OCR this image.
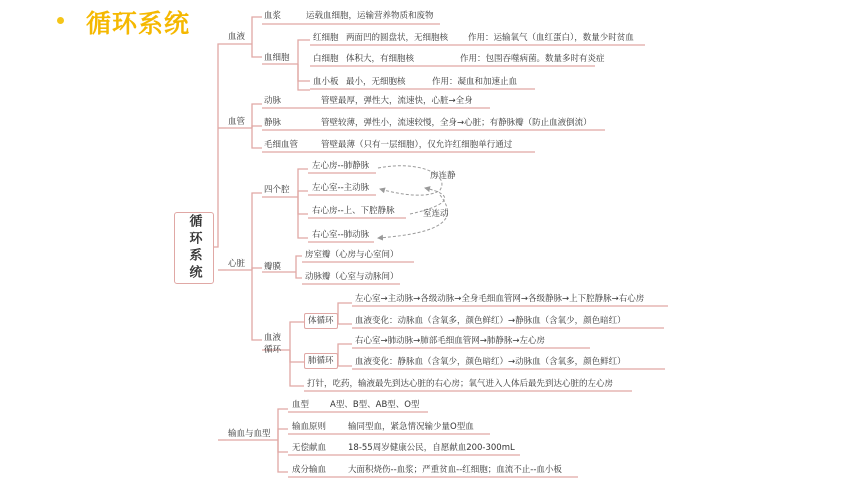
循环系统
循环系统
血液
血管
心脏
输血与血型
血浆	运载血细胞，运输营养物质和废物
血细胞
红细胞 两面凹的圆盘状，无细胞核 作用：运输氧气（血红蛋白），数量少时贫血
白细胞 体积大，有细胞核	作用：包围吞噬病菌。数量多时有炎症
血小板 最小，无细胞核	作用：凝血和加速止血
动脉	管壁最厚，弹性大，流速快，心脏→全身
静脉	管壁较薄，弹性小，流速较慢，全身→心脏；有静脉瓣（防止血液倒流）
毛细血管	管壁最薄（只有一层细胞），仅允许红细胞单行通过
四个腔
左心房--肺静脉
左心室--主动脉
右心房--上、下腔静脉
右心室--肺动脉
房连静
室连动
瓣膜
房室瓣（心房与心室间）
动脉瓣（心室与动脉间）
血液循环
体循环
左心室→主动脉→各级动脉→全身毛细血管网→各级静脉→上下腔静脉→右心房
血液变化：动脉血（含氧多，颜色鲜红）→静脉血（含氧少，颜色暗红）
肺循环
右心室→肺动脉→肺部毛细血管网→肺静脉→左心房
血液变化：静脉血（含氧少，颜色暗红）→动脉血（含氧多，颜色鲜红）
打针，吃药，输液最先到达心脏的右心房；氧气进入人体后最先到达心脏的左心房
血型 A型、B型、AB型、O型
输血原则	输同型血，紧急情况输少量O型血
无偿献血	18-55周岁健康公民，自愿献血200-300mL
成分输血	大面积烧伤--血浆；严重贫血--红细胞；血流不止--血小板
